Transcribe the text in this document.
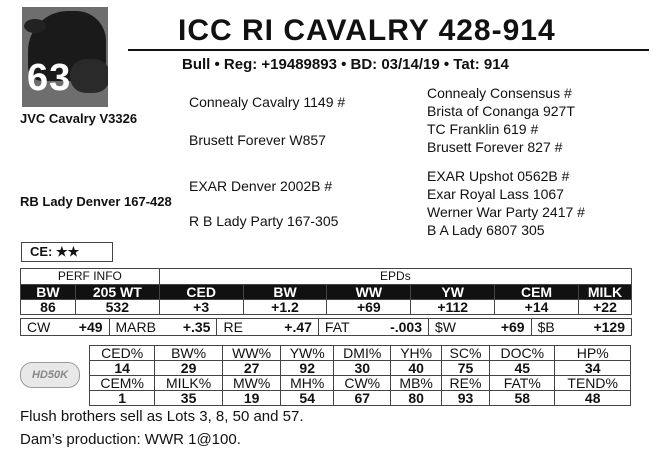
63
ICC RI CAVALRY 428-914
Bull • Reg: +19489893 • BD: 03/14/19 • Tat: 914
JVC Cavalry V3326
RB Lady Denver 167-428
Connealy Cavalry 1149 #
Brusett Forever W857
EXAR Denver 2002B #
R B Lady Party 167-305
Connealy Consensus #
Brista of Conanga 927T
TC Franklin 619 #
Brusett Forever 827 #
EXAR Upshot 0562B #
Exar Royal Lass 1067
Werner War Party 2417 #
B A Lady 6807 305
CE: ★★
PERF INFO		EPDs					
BW	205 WT	CED	BW	WW	YW	CEM	MILK
86	532	+3	+1.2	+69	+112	+14	+22
CW	+49	MARB	+.35	RE	+.47	FAT	-.003	$W	+69	$B	+129
HD50K
CED%	BW%	WW%	YW%	DMI%	YH%	SC%	DOC%	HP%
14	29	27	92	30	40	75	45	34
CEM%	MILK%	MW%	MH%	CW%	MB%	RE%	FAT%	TEND%
1	35	19	54	67	80	93	58	48
Flush brothers sell as Lots 3, 8, 50 and 57.
Dam’s production: WWR 1@100.
